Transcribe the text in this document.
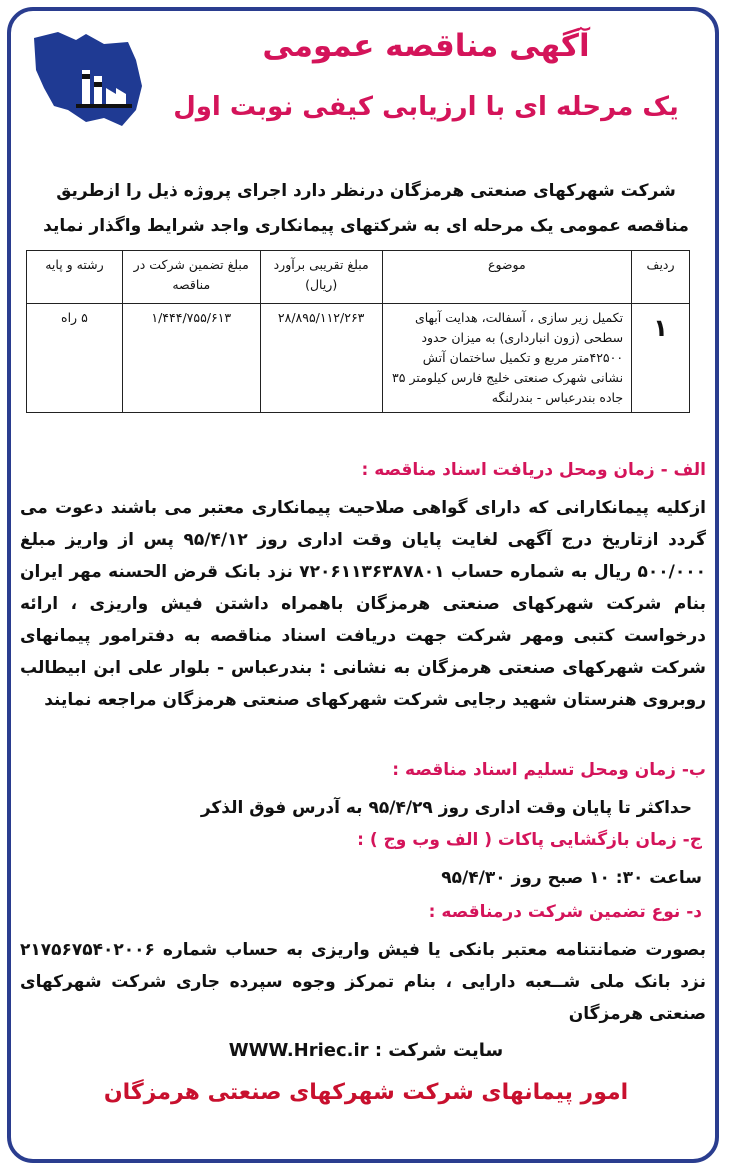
آگهی مناقصه عمومی
یک مرحله ای با ارزیابی کیفی نوبت اول
شرکت شهرکهای صنعتی هرمزگان درنظر دارد اجرای پروژه ذیل را ازطریق
مناقصه عمومی یک مرحله ای به شرکتهای پیمانکاری واجد شرایط واگذار نماید
ردیف	موضوع	مبلغ تقریبی برآورد (ریال)	مبلغ تضمین شرکت در مناقصه	رشته و پایه
۱	تکمیل زیر سازی ، آسفالت، هدایت آبهای سطحی (زون انبارداری) به میزان حدود ۴۲۵۰۰متر مربع و تکمیل ساختمان آتش نشانی شهرک صنعتی خلیج فارس کیلومتر ۳۵ جاده بندرعباس - بندرلنگه	۲۸/۸۹۵/۱۱۲/۲۶۳	۱/۴۴۴/۷۵۵/۶۱۳	۵ راه
الف - زمان ومحل دریافت اسناد مناقصه :
ازکلیه پیمانکارانی که دارای گواهی صلاحیت پیمانکاری معتبر می باشند دعوت می گردد ازتاریخ درج آگهی لغایت پایان وقت اداری روز ۹۵/۴/۱۲ پس از واریز مبلغ ۵۰۰/۰۰۰ ریال به شماره حساب ۷۲۰۶۱۱۳۶۳۸۷۸۰۱ نزد بانک قرض الحسنه مهر ایران بنام شرکت شهرکهای صنعتی هرمزگان باهمراه داشتن فیش واریزی ، ارائه درخواست کتبی ومهر شرکت جهت دریافت اسناد مناقصه به دفترامور پیمانهای شرکت شهرکهای صنعتی هرمزگان به نشانی : بندرعباس - بلوار علی ابن ابیطالب روبروی هنرستان شهید رجایی شرکت شهرکهای صنعتی هرمزگان مراجعه نمایند
ب- زمان ومحل تسلیم اسناد مناقصه :
حداکثر تا پایان وقت اداری روز ۹۵/۴/۲۹ به آدرس فوق الذکر
ج- زمان بازگشایی پاکات ( الف وب وج ) :
ساعت ۳۰: ۱۰ صبح روز ۹۵/۴/۳۰
د- نوع تضمین شرکت درمناقصه :
بصورت ضمانتنامه معتبر بانکی یا فیش واریزی به حساب شماره ۲۱۷۵۶۷۵۴۰۲۰۰۶ نزد بانک ملی شــعبه دارایی ، بنام تمرکز وجوه سپرده جاری شرکت شهرکهای صنعتی هرمزگان
سایت شرکت : WWW.Hriec.ir
امور پیمانهای شرکت شهرکهای صنعتی هرمزگان
